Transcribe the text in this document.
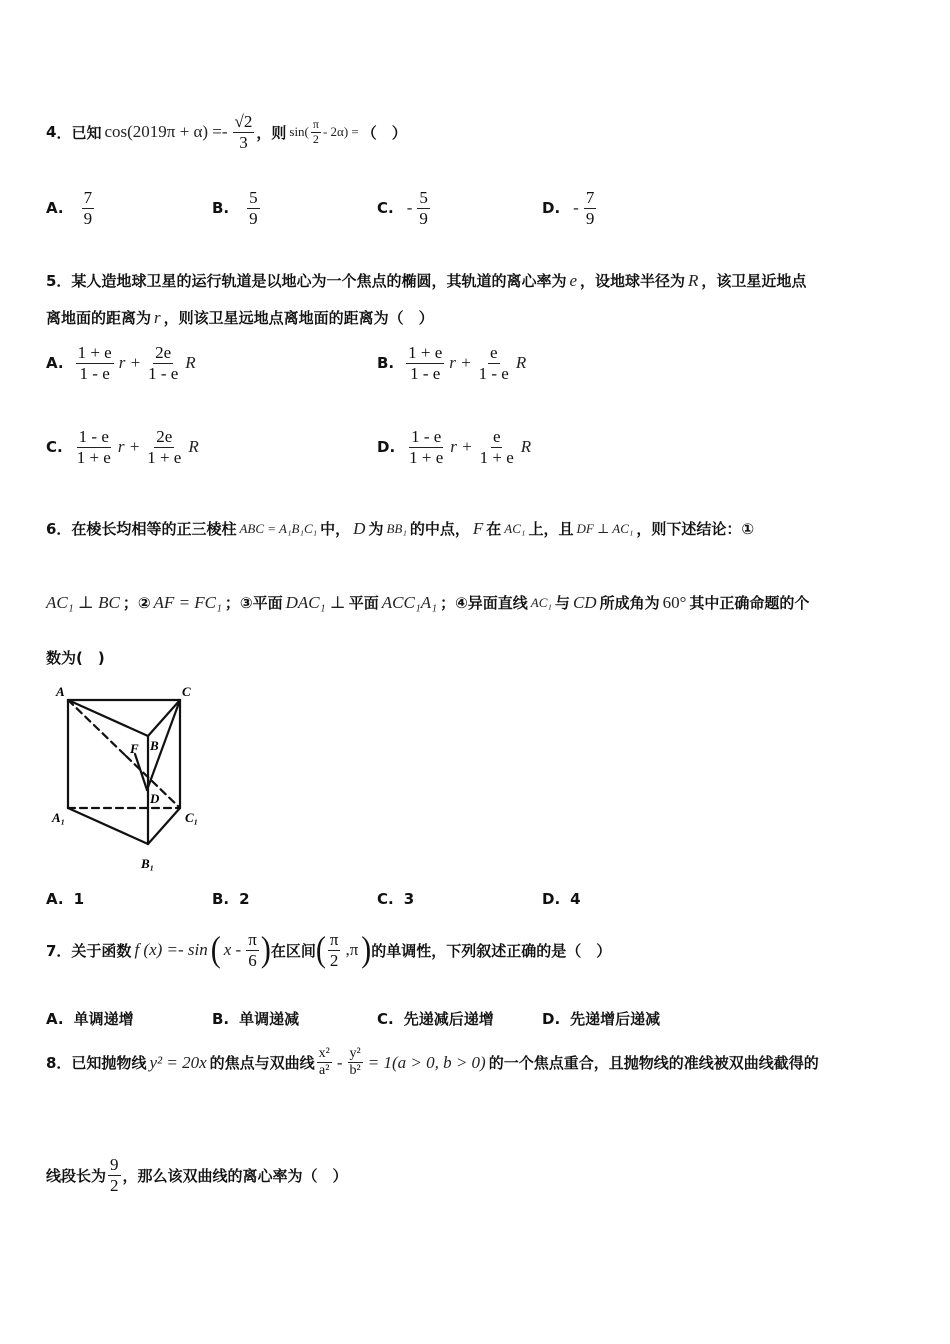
4 ． 已知 $\cos(2019\pi + \alpha) =- \frac{√2}{3}$ ，则 $\sin( \frac{\pi}{2} - 2\alpha)$ = （　）
A. $\frac{7}{9}$	B. $\frac{5}{9}$	C. - $\frac{5}{9}$	D. - $\frac{7}{9}$
5．某人造地球卫星的运行轨道是以地心为一个焦点的椭圆，其轨道的离心率为 e ，设地球半径为 R ，该卫星近地点
离地面的距离为 r ，则该卫星远地点离地面的距离为（　）
A. $\frac{1 + e}{1 - e}$ $r + \frac{2e}{1 - e}$ R	B. $\frac{1 + e}{1 - e}$ $r + \frac{e}{1 - e}$ R
C. $\frac{1 - e}{1 + e}$ $r + \frac{2e}{1 + e}$ R	D. $\frac{1 - e}{1 + e}$ $r + \frac{e}{1 + e}$ R
6．在棱长均相等的正三棱柱 ABC = A₁B₁C₁ 中， D 为 BB₁ 的中点， F 在 AC₁ 上，且 DF ⊥ AC₁ ，则下述结论：①
AC₁ ⊥ BC ；② AF = FC₁ ；③平面 DAC₁ ⊥ 平面 ACC₁A₁ ；④异面直线 AC₁ 与 CD 所成角为 60° 其中正确命题的个
数为(　)
A	C
B
F
D
A₁	C₁
B₁
A. 1	B. 2	C. 3	D. 4
7．关于函数 f (x) =- sin ( x - $\frac{\pi}{6}$ ) 在区间 ( $\frac{\pi}{2} ,\pi$ ) 的单调性，下列叙述正确的是（　）
A. 单调递增	B. 单调递减	C. 先递减后递增	D. 先递增后递减
8．已知抛物线 y² = 20x 的焦点与双曲线 $\frac{\text{x²}}{\text{a²}} - \frac{\text{y²}}{\text{b²}} = 1(a > 0$, b > 0) 的一个焦点重合，且抛物线的准线被双曲线截得的
线段长为 $\frac{9}{2}$ ，那么该双曲线的离心率为（　）
